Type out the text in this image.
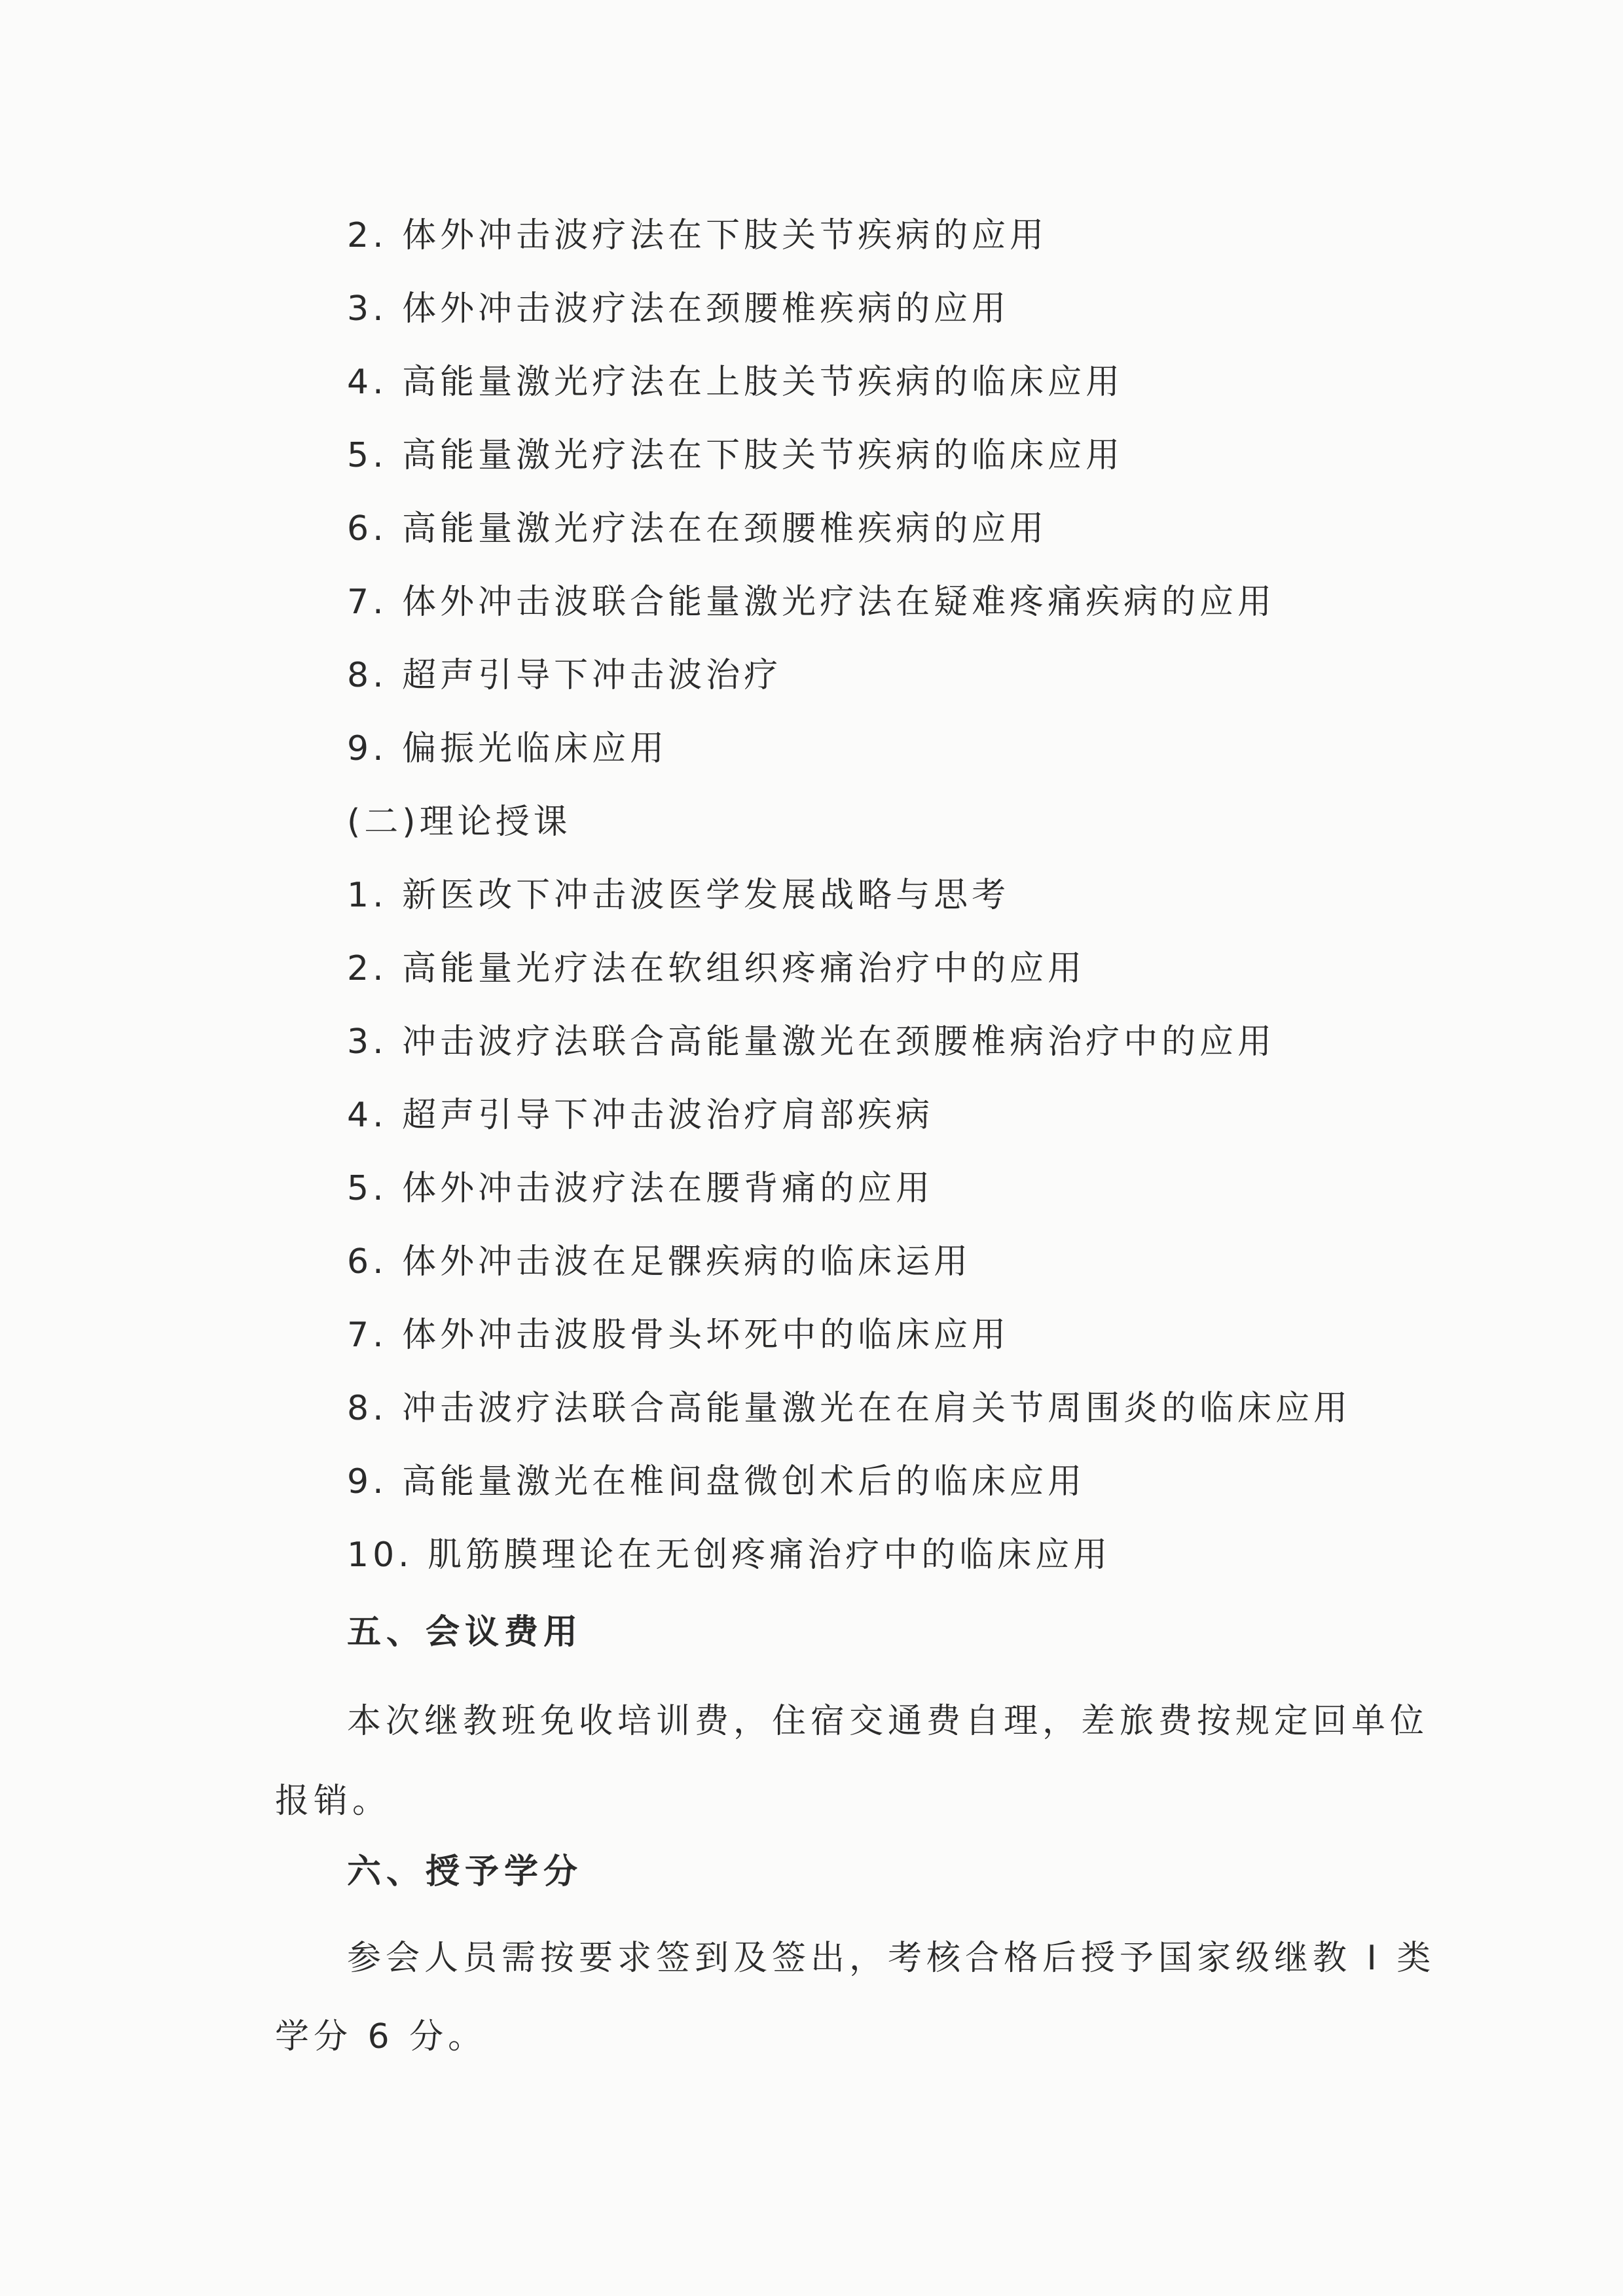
2. 体外冲击波疗法在下肢关节疾病的应用
3. 体外冲击波疗法在颈腰椎疾病的应用
4. 高能量激光疗法在上肢关节疾病的临床应用
5. 高能量激光疗法在下肢关节疾病的临床应用
6. 高能量激光疗法在在颈腰椎疾病的应用
7. 体外冲击波联合能量激光疗法在疑难疼痛疾病的应用
8. 超声引导下冲击波治疗
9. 偏振光临床应用
(二)理论授课
1. 新医改下冲击波医学发展战略与思考
2. 高能量光疗法在软组织疼痛治疗中的应用
3. 冲击波疗法联合高能量激光在颈腰椎病治疗中的应用
4. 超声引导下冲击波治疗肩部疾病
5. 体外冲击波疗法在腰背痛的应用
6. 体外冲击波在足髁疾病的临床运用
7. 体外冲击波股骨头坏死中的临床应用
8. 冲击波疗法联合高能量激光在在肩关节周围炎的临床应用
9. 高能量激光在椎间盘微创术后的临床应用
10. 肌筋膜理论在无创疼痛治疗中的临床应用
五、会议费用
本次继教班免收培训费，住宿交通费自理，差旅费按规定回单位
报销。
六、授予学分
参会人员需按要求签到及签出，考核合格后授予国家级继教 I 类
学分 6 分。
